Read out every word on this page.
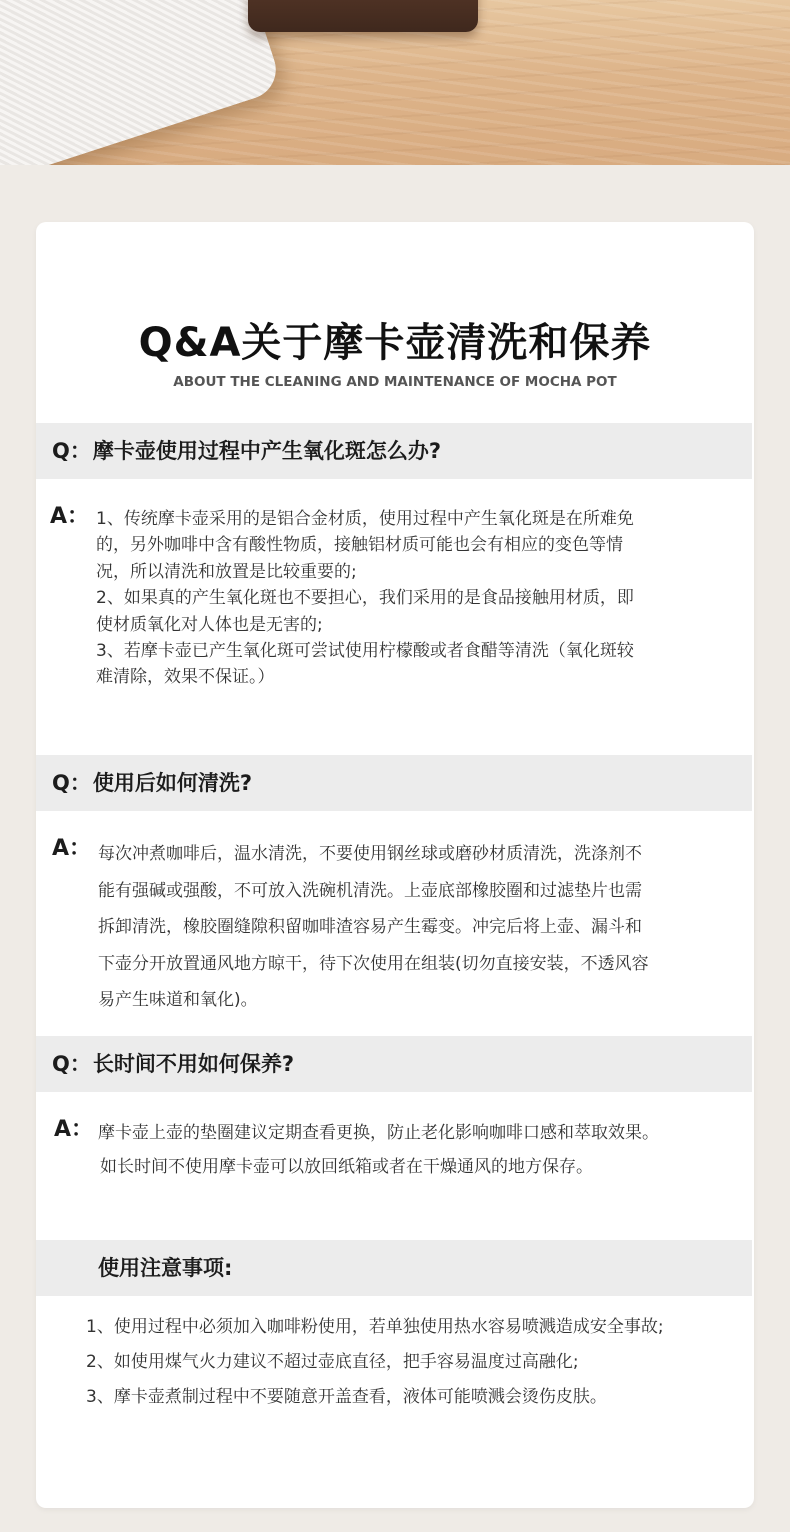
Q&A关于摩卡壶清洗和保养
ABOUT THE CLEANING AND MAINTENANCE OF MOCHA POT
Q：摩卡壶使用过程中产生氧化斑怎么办?
A： 1、传统摩卡壶采用的是铝合金材质，使用过程中产生氧化斑是在所难免
的，另外咖啡中含有酸性物质，接触铝材质可能也会有相应的变色等情
况，所以清洗和放置是比较重要的;
2、如果真的产生氧化斑也不要担心，我们采用的是食品接触用材质，即
使材质氧化对人体也是无害的;
3、若摩卡壶已产生氧化斑可尝试使用柠檬酸或者食醋等清洗（氧化斑较
难清除，效果不保证。）
Q：使用后如何清洗?
A： 每次冲煮咖啡后，温水清洗，不要使用钢丝球或磨砂材质清洗，洗涤剂不
能有强碱或强酸，不可放入洗碗机清洗。上壶底部橡胶圈和过滤垫片也需
拆卸清洗，橡胶圈缝隙积留咖啡渣容易产生霉变。冲完后将上壶、漏斗和
下壶分开放置通风地方晾干，待下次使用在组装(切勿直接安装，不透风容
易产生味道和氧化)。
Q：长时间不用如何保养?
A： 摩卡壶上壶的垫圈建议定期查看更换，防止老化影响咖啡口感和萃取效果。
如长时间不使用摩卡壶可以放回纸箱或者在干燥通风的地方保存。
使用注意事项:
1、使用过程中必须加入咖啡粉使用，若单独使用热水容易喷溅造成安全事故;
2、如使用煤气火力建议不超过壶底直径，把手容易温度过高融化;
3、摩卡壶煮制过程中不要随意开盖查看，液体可能喷溅会烫伤皮肤。
